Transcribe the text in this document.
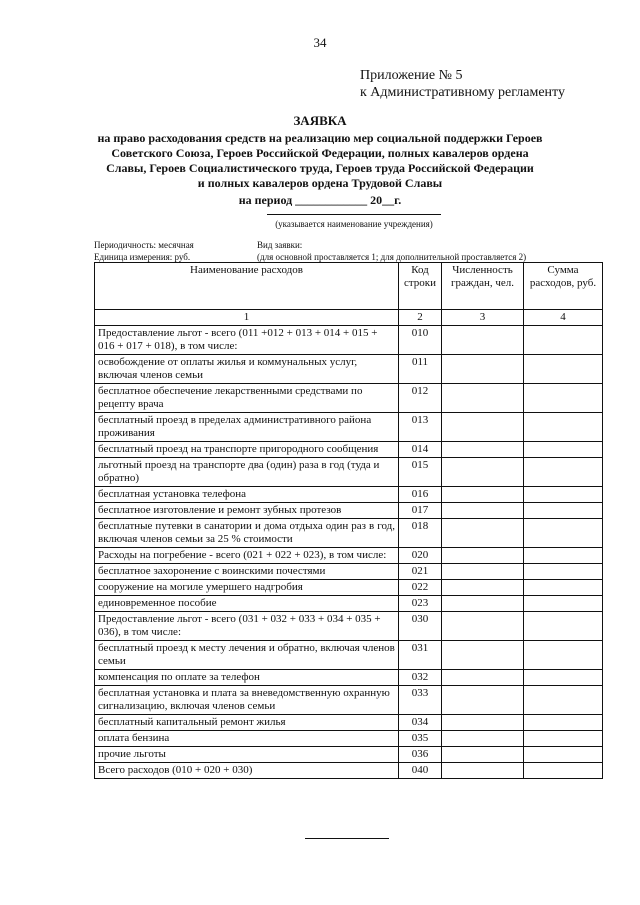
34
Приложение № 5
к Административному регламенту
ЗАЯВКА
на право расходования средств на реализацию мер социальной поддержки Героев
Советского Союза, Героев Российской Федерации, полных кавалеров ордена
Славы, Героев Социалистического труда, Героев труда Российской Федерации
и полных кавалеров ордена Трудовой Славы
на период ____________ 20__г.
(указывается наименование учреждения)
Периодичность: месячная
Единица измерения: руб.
Вид заявки:
(для основной проставляется 1; для дополнительной проставляется 2)
Наименование расходов	Код строки	Численность граждан, чел.	Сумма расходов, руб.
1	2	3	4
Предоставление льгот - всего (011 +012 + 013 + 014 + 015 + 016 + 017 + 018), в том числе:	010		
освобождение от оплаты жилья и коммунальных услуг, включая членов семьи	011		
бесплатное обеспечение лекарственными средствами по рецепту врача	012		
бесплатный проезд в пределах административного района проживания	013		
бесплатный проезд на транспорте пригородного сообщения	014		
льготный проезд на транспорте два (один) раза в год (туда и обратно)	015		
бесплатная установка телефона	016		
бесплатное изготовление и ремонт зубных протезов	017		
бесплатные путевки в санатории и дома отдыха один раз в год, включая членов семьи за 25 % стоимости	018		
Расходы на погребение - всего (021 + 022 + 023), в том числе:	020		
бесплатное захоронение с воинскими почестями	021		
сооружение на могиле умершего надгробия	022		
единовременное пособие	023		
Предоставление льгот - всего (031 + 032 + 033 + 034 + 035 + 036), в том числе:	030		
бесплатный проезд к месту лечения и обратно, включая членов семьи	031		
компенсация по оплате за телефон	032		
бесплатная установка и плата за вневедомственную охранную сигнализацию, включая членов семьи	033		
бесплатный капитальный ремонт жилья	034		
оплата бензина	035		
прочие льготы	036		
Всего расходов (010 + 020 + 030)	040		
